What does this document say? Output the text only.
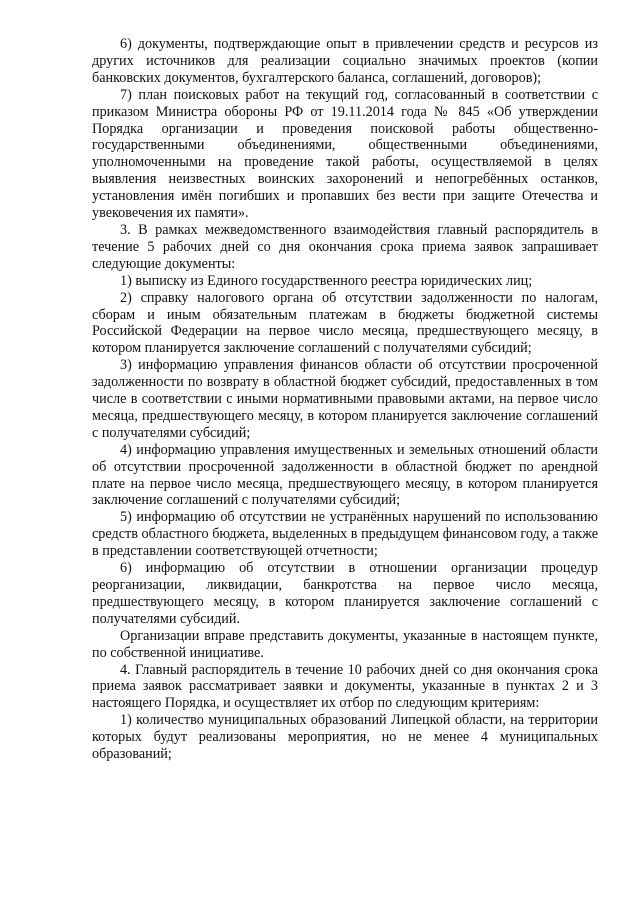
6) документы, подтверждающие опыт в привлечении средств и ресурсов из других источников для реализации социально значимых проектов (копии банковских документов, бухгалтерского баланса, соглашений, договоров);

7) план поисковых работ на текущий год, согласованный в соответствии с приказом Министра обороны РФ от 19.11.2014 года № 845 «Об утверждении Порядка организации и проведения поисковой работы общественно-государственными объединениями, общественными объединениями, уполномоченными на проведение такой работы, осуществляемой в целях выявления неизвестных воинских захоронений и непогребённых останков, установления имён погибших и пропавших без вести при защите Отечества и увековечения их памяти».

3. В рамках межведомственного взаимодействия главный распорядитель в течение 5 рабочих дней со дня окончания срока приема заявок запрашивает следующие документы:

1) выписку из Единого государственного реестра юридических лиц;

2) справку налогового органа об отсутствии задолженности по налогам, сборам и иным обязательным платежам в бюджеты бюджетной системы Российской Федерации на первое число месяца, предшествующего месяцу, в котором планируется заключение соглашений с получателями субсидий;

3) информацию управления финансов области об отсутствии просроченной задолженности по возврату в областной бюджет субсидий, предоставленных в том числе в соответствии с иными нормативными правовыми актами, на первое число месяца, предшествующего месяцу, в котором планируется заключение соглашений с получателями субсидий;

4) информацию управления имущественных и земельных отношений области об отсутствии просроченной задолженности в областной бюджет по арендной плате на первое число месяца, предшествующего месяцу, в котором планируется заключение соглашений с получателями субсидий;

5) информацию об отсутствии не устранённых нарушений по использованию средств областного бюджета, выделенных в предыдущем финансовом году, а также в представлении соответствующей отчетности;

6) информацию об отсутствии в отношении организации процедур реорганизации, ликвидации, банкротства на первое число месяца, предшествующего месяцу, в котором планируется заключение соглашений с получателями субсидий.

Организации вправе представить документы, указанные в настоящем пункте, по собственной инициативе.

4. Главный распорядитель в течение 10 рабочих дней со дня окончания срока приема заявок рассматривает заявки и документы, указанные в пунктах 2 и 3 настоящего Порядка, и осуществляет их отбор по следующим критериям:

1) количество муниципальных образований Липецкой области, на территории которых будут реализованы мероприятия, но не менее 4 муниципальных образований;
